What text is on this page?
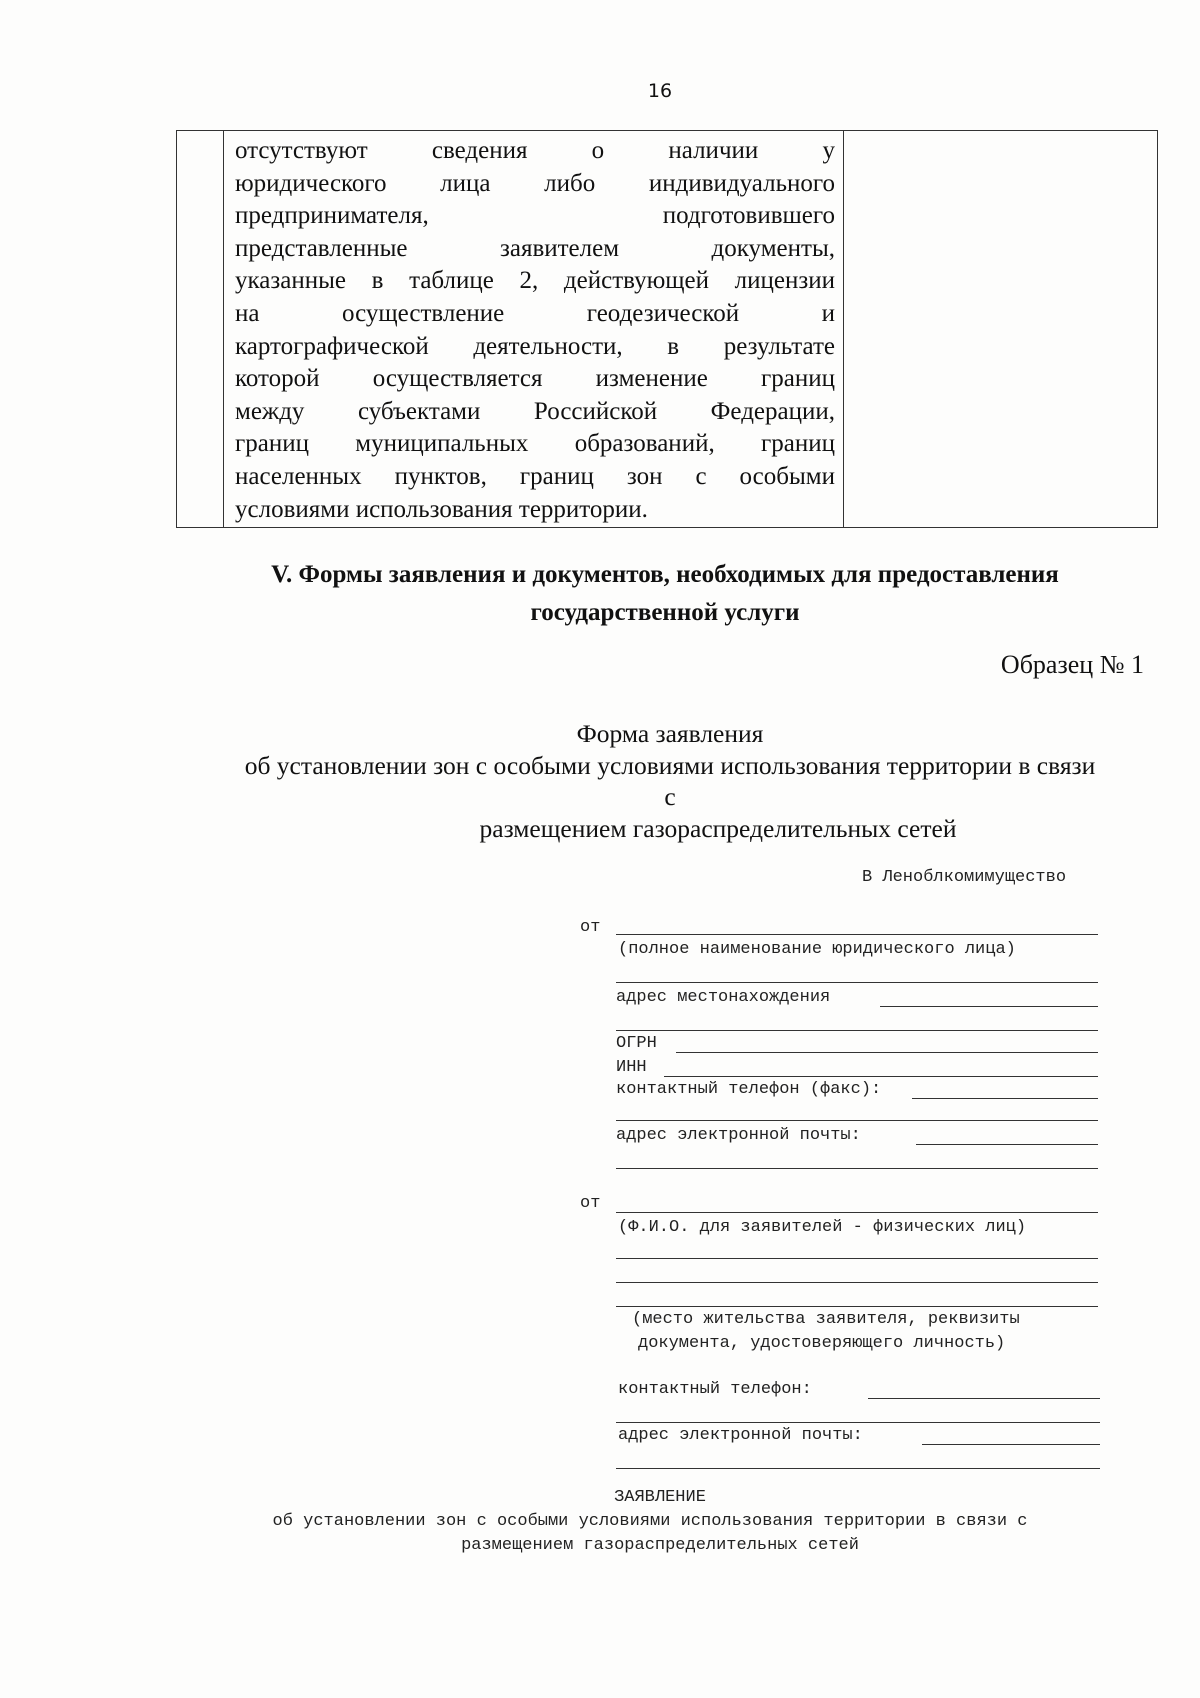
16
отсутствуют сведения о наличии у
юридического лица либо индивидуального
предпринимателя, подготовившего
представленные заявителем документы,
указанные в таблице 2, действующей лицензии
на осуществление геодезической и
картографической деятельности, в результате
которой осуществляется изменение границ
между субъектами Российской Федерации,
границ муниципальных образований, границ
населенных пунктов, границ зон с особыми
условиями использования территории.
V. Формы заявления и документов, необходимых для предоставления
государственной услуги
Образец № 1
Форма заявления
об установлении зон с особыми условиями использования территории в связи
с
размещением газораспределительных сетей
В Леноблкомимущество
от
(полное наименование юридического лица)
адрес местонахождения
ОГРН
ИНН
контактный телефон (факс):
адрес электронной почты:
от
(Ф.И.О. для заявителей - физических лиц)
(место жительства заявителя, реквизиты
документа, удостоверяющего личность)
контактный телефон:
адрес электронной почты:
ЗАЯВЛЕНИЕ
об установлении зон с особыми условиями использования территории в связи с
размещением газораспределительных сетей
